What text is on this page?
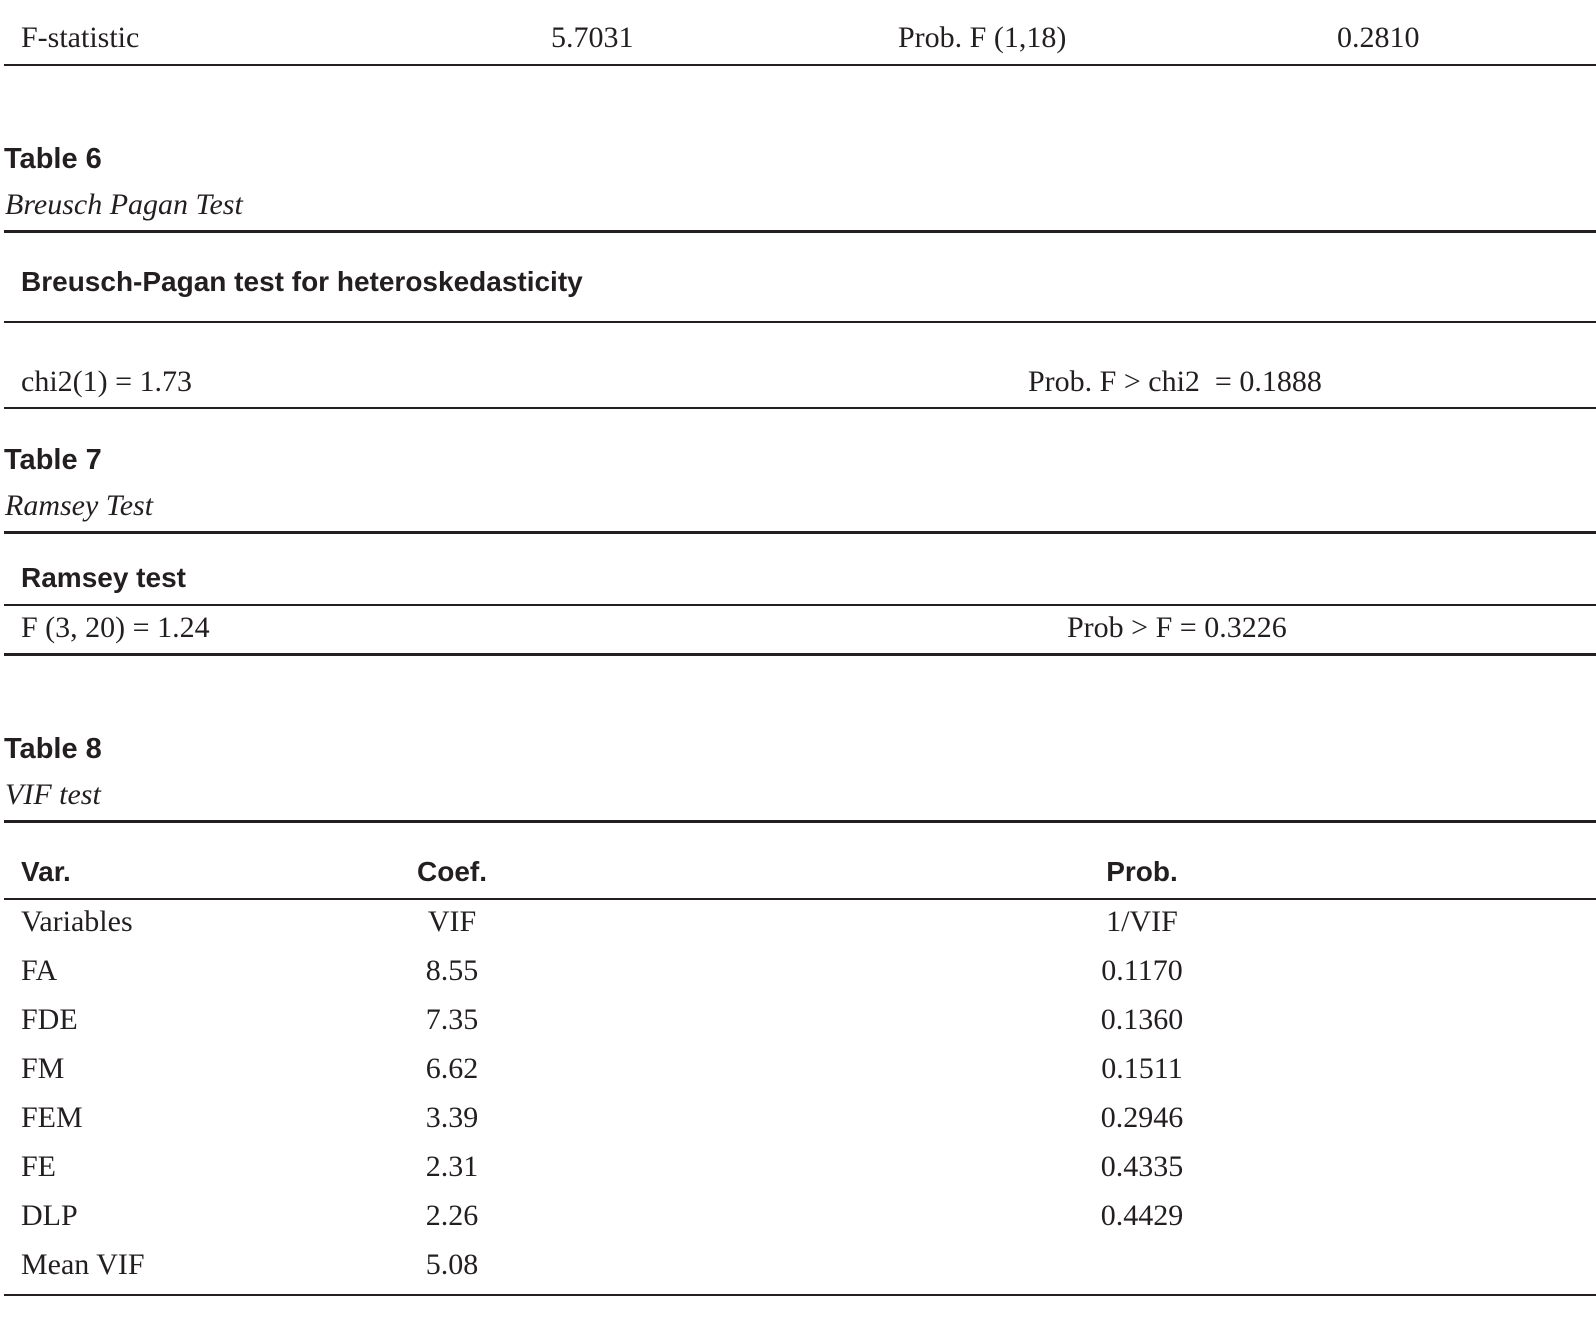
F-statistic	5.7031	Prob. F (1,18)	0.2810
Table 6
Breusch Pagan Test
Breusch-Pagan test for heteroskedasticity
chi2(1) = 1.73	Prob. F > chi2  = 0.1888
Table 7
Ramsey Test
Ramsey test
F (3, 20) = 1.24	Prob > F = 0.3226
Table 8
VIF test
Var.	Coef.	Prob.
Variables	VIF	1/VIF
FA	8.55	0.1170
FDE	7.35	0.1360
FM	6.62	0.1511
FEM	3.39	0.2946
FE	2.31	0.4335
DLP	2.26	0.4429
Mean VIF	5.08
